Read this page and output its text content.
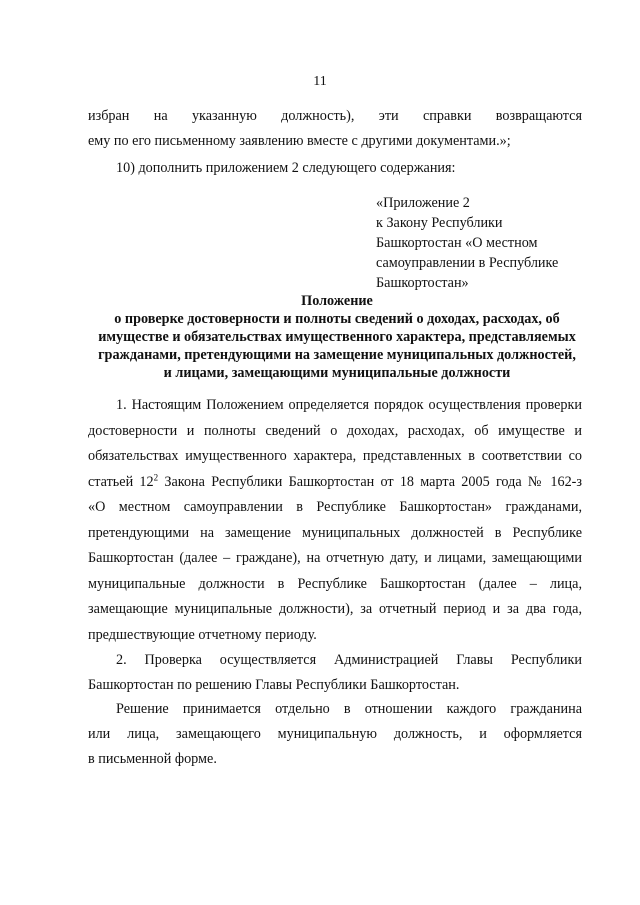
11
избран на указанную должность), эти справки возвращаются
ему по его письменному заявлению вместе с другими документами.»;
10) дополнить приложением 2 следующего содержания:
«Приложение 2
к Закону Республики
Башкортостан «О местном
самоуправлении в Республике
Башкортостан»
Положение
о проверке достоверности и полноты сведений о доходах, расходах, об
имуществе и обязательствах имущественного характера, представляемых
гражданами, претендующими на замещение муниципальных должностей,
и лицами, замещающими муниципальные должности
1. Настоящим Положением определяется порядок осуществления проверки
достоверности и полноты сведений о доходах, расходах, об имуществе и
обязательствах имущественного характера, представленных в соответствии со
статьей $12^2$ Закона Республики Башкортостан от 18 марта 2005 года № 162-з
«О местном самоуправлении в Республике Башкортостан» гражданами,
претендующими на замещение муниципальных должностей в Республике
Башкортостан (далее – граждане), на отчетную дату, и лицами, замещающими
муниципальные должности в Республике Башкортостан (далее – лица,
замещающие муниципальные должности), за отчетный период и за два года,
предшествующие отчетному периоду.
2. Проверка осуществляется Администрацией Главы Республики
Башкортостан по решению Главы Республики Башкортостан.
Решение принимается отдельно в отношении каждого гражданина
или лица, замещающего муниципальную должность, и оформляется
в письменной форме.
